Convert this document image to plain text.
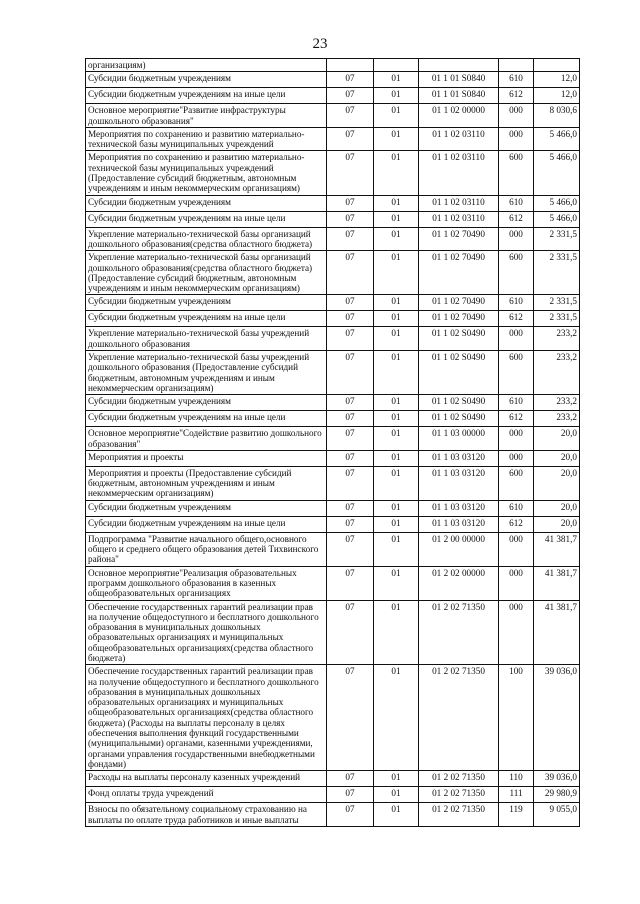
23
организациям)					
Субсидии бюджетным учреждениям	07	01	01 1 01 S0840	610	12,0
Субсидии бюджетным учреждениям на иные цели	07	01	01 1 01 S0840	612	12,0
Основное мероприятие"Развитие инфраструктуры дошкольного образования"	07	01	01 1 02 00000	000	8 030,6
Мероприятия по сохранению и развитию материально-технической базы муниципальных учреждений	07	01	01 1 02 03110	000	5 466,0
Мероприятия по сохранению и развитию материально-технической базы муниципальных учреждений (Предоставление субсидий бюджетным, автономным учреждениям и иным некоммерческим организациям)	07	01	01 1 02 03110	600	5 466,0
Субсидии бюджетным учреждениям	07	01	01 1 02 03110	610	5 466,0
Субсидии бюджетным учреждениям на иные цели	07	01	01 1 02 03110	612	5 466,0
Укрепление материально-технической базы организаций дошкольного образования(средства областного бюджета)	07	01	01 1 02 70490	000	2 331,5
Укрепление материально-технической базы организаций дошкольного образования(средства областного бюджета) (Предоставление субсидий бюджетным, автономным учреждениям и иным некоммерческим организациям)	07	01	01 1 02 70490	600	2 331,5
Субсидии бюджетным учреждениям	07	01	01 1 02 70490	610	2 331,5
Субсидии бюджетным учреждениям на иные цели	07	01	01 1 02 70490	612	2 331,5
Укрепление материально-технической базы учреждений дошкольного образования	07	01	01 1 02 S0490	000	233,2
Укрепление материально-технической базы учреждений дошкольного образования (Предоставление субсидий бюджетным, автономным учреждениям и иным некоммерческим организациям)	07	01	01 1 02 S0490	600	233,2
Субсидии бюджетным учреждениям	07	01	01 1 02 S0490	610	233,2
Субсидии бюджетным учреждениям на иные цели	07	01	01 1 02 S0490	612	233,2
Основное мероприятие"Содействие развитию дошкольного образования"	07	01	01 1 03 00000	000	20,0
Мероприятия и проекты	07	01	01 1 03 03120	000	20,0
Мероприятия и проекты (Предоставление субсидий бюджетным, автономным учреждениям и иным некоммерческим организациям)	07	01	01 1 03 03120	600	20,0
Субсидии бюджетным учреждениям	07	01	01 1 03 03120	610	20,0
Субсидии бюджетным учреждениям на иные цели	07	01	01 1 03 03120	612	20,0
Подпрограмма "Развитие начального общего,основного общего и среднего общего образования детей Тихвинского района"	07	01	01 2 00 00000	000	41 381,7
Основное мероприятие"Реализация образовательных программ дошкольного образования в казенных общеобразовательных организациях	07	01	01 2 02 00000	000	41 381,7
Обеспечение государственных гарантий реализации прав на получение общедоступного и бесплатного дошкольного образования в муниципальных дошкольных образовательных организациях и муниципальных общеобразовательных организациях(средства областного бюджета)	07	01	01 2 02 71350	000	41 381,7
Обеспечение государственных гарантий реализации прав на получение общедоступного и бесплатного дошкольного образования в муниципальных дошкольных образовательных организациях и муниципальных общеобразовательных организациях(средства областного бюджета) (Расходы на выплаты персоналу в целях обеспечения выполнения функций государственными (муниципальными) органами, казенными учреждениями, органами управления государственными внебюджетными фондами)	07	01	01 2 02 71350	100	39 036,0
Расходы на выплаты персоналу казенных учреждений	07	01	01 2 02 71350	110	39 036,0
Фонд оплаты труда учреждений	07	01	01 2 02 71350	111	29 980,9
Взносы по обязательному социальному страхованию на выплаты по оплате труда работников и иные выплаты	07	01	01 2 02 71350	119	9 055,0
